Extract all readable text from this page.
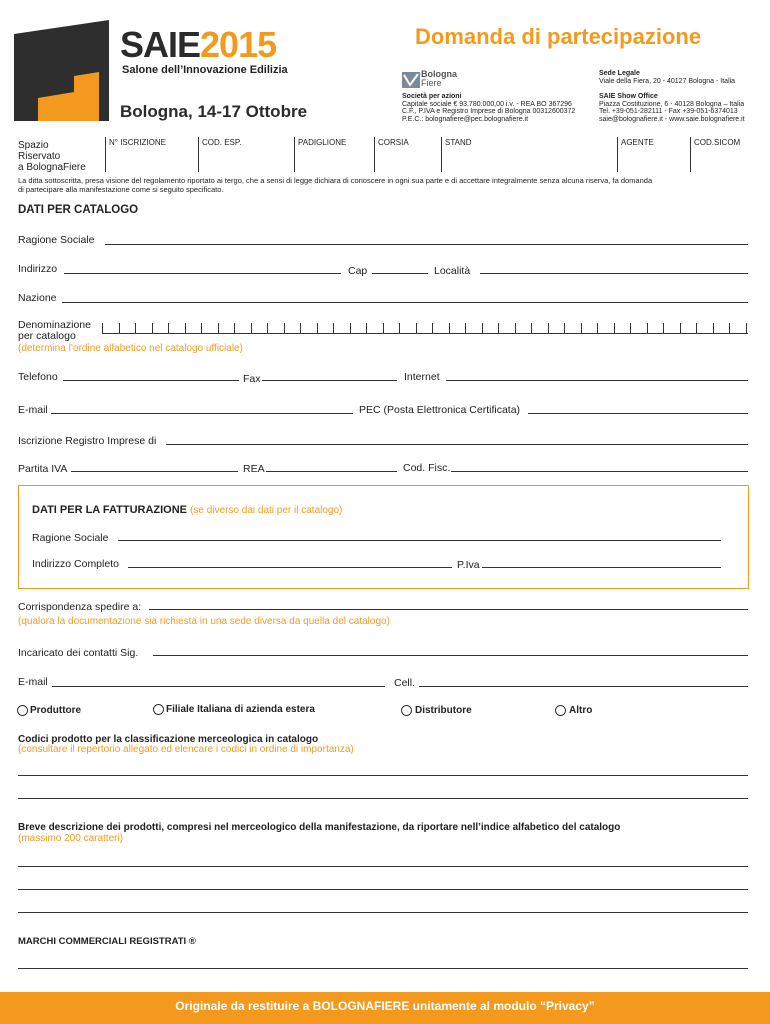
SAIE2015
Salone dell’Innovazione Edilizia
Bologna, 14-17 Ottobre
Domanda di partecipazione
Bologna
Fiere
Sede Legale
Viale della Fiera, 20 - 40127 Bologna - Italia
Società per azioni
Capitale sociale € 93.780.000,00 i.v. - REA BO 367296
C.F., P.IVA e Registro Imprese di Bologna 00312600372
P.E.C.: bolognafiere@pec.bolognafiere.it
SAIE Show Office
Piazza Costituzione, 6 - 40128 Bologna – Italia
Tel. +39-051-282111 - Fax +39-051-6374013
saie@bolognafiere.it - www.saie.bolognafiere.it
Spazio
Riservato
a BolognaFiere
N° ISCRIZIONE	COD. ESP.	PADIGLIONE	CORSIA	STAND	AGENTE	COD.SICOM
La ditta sottoscritta, presa visione del regolamento riportato ai tergo, che a sensi di legge dichiara di conoscere in ogni sua parte e di accettare integralmente senza alcuna riserva, fa domanda
di partecipare alla manifestazione come si seguito specificato.
DATI PER CATALOGO
Ragione Sociale
Indirizzo	Cap	Località
Nazione
Denominazione
per catalogo
(determina l’ordine alfabetico nel catalogo ufficiale)
Telefono	Fax	Internet
E-mail	PEC (Posta Elettronica Certificata)
Iscrizione Registro Imprese di
Partita IVA	REA	Cod. Fisc.
DATI PER LA FATTURAZIONE (se diverso dai dati per il catalogo)
Ragione Sociale
Indirizzo Completo	P.Iva
Corrispondenza spedire a:
(qualora la documentazione sia richiesta in una sede diversa da quella del catalogo)
Incaricato dei contatti Sig.
E-mail	Cell.
Produttore	Filiale Italiana di azienda estera	Distributore	Altro
Codici prodotto per la classificazione merceologica in catalogo
(consultare il repertorio allegato ed elencare i codici in ordine di importanza)
Breve descrizione dei prodotti, compresi nel merceologico della manifestazione, da riportare nell’indice alfabetico del catalogo
(massimo 200 caratteri)
MARCHI COMMERCIALI REGISTRATI ®
Originale da restituire a BOLOGNAFIERE unitamente al modulo “Privacy”
